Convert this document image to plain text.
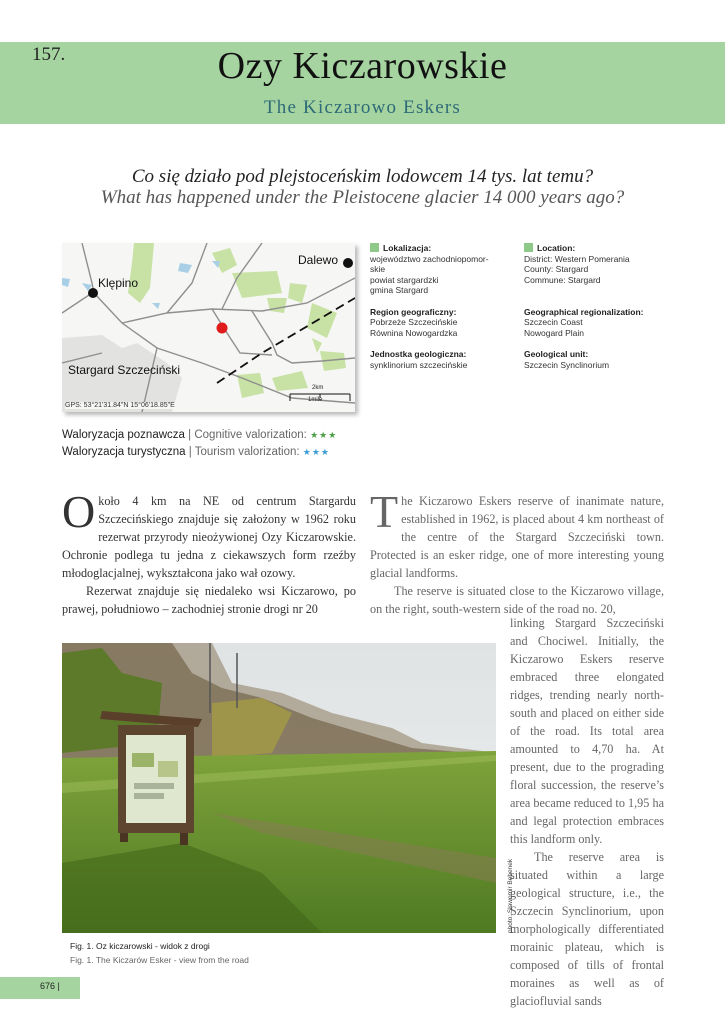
157.	Ozy Kiczarowskie
The Kiczarowo Eskers
Co się działo pod plejstoceńskim lodowcem 14 tys. lat temu?
What has happened under the Pleistocene glacier 14 000 years ago?
Dalewo
Klępino
Stargard Szczeciński
2km
1mile
GPS: 53°21'31.84"N 15°06'18.85"E
Lokalizacja:
województwo zachodniopomor-
skie
powiat stargardzki
gmina Stargard
Region geograficzny:
Pobrzeże Szczecińskie
Równina Nowogardzka
Jednostka geologiczna:
synklinorium szczecińskie
Location:
District: Western Pomerania
County: Stargard
Commune: Stargard
Geographical regionalization:
Szczecin Coast
Nowogard Plain
Geological unit:
Szczecin Synclinorium
Waloryzacja poznawcza | Cognitive valorization: ★★★
Waloryzacja turystyczna | Tourism valorization: ★★★
Około 4 km na NE od centrum Stargardu Szczecińskiego znajduje się założony w 1962 roku rezerwat przyrody nieożywionej Ozy Kiczarowskie. Ochronie podlega tu jedna z ciekawszych form rzeźby młodoglacjalnej, wykształcona jako wał ozowy.
Rezerwat znajduje się niedaleko wsi Kiczarowo, po prawej, południowo – zachodniej stronie drogi nr 20
The Kiczarowo Eskers reserve of inanimate nature, established in 1962, is placed about 4 km northeast of the centre of the Stargard Szczeciński town. Protected is an esker ridge, one of more interesting young glacial landforms.
The reserve is situated close to the Kiczarowo village, on the right, south-western side of the road no. 20,
linking Stargard Szczeciński and Chociwel. Initially, the Kiczarowo Eskers reserve embraced three elongated ridges, trending nearly north-south and placed on either side of the road. Its total area amounted to 4,70 ha. At present, due to the prograding floral succession, the reserve’s area became reduced to 1,95 ha and legal protection embraces this landform only.
The reserve area is situated within a large geological structure, i.e., the Szczecin Synclinorium, upon morphologically differentiated morainic plateau, which is composed of tills of frontal moraines as well as of glaciofluvial sands
photo: Sławomir Bębenek
Fig. 1. Oz kiczarowski - widok z drogi
Fig. 1. The Kiczarów Esker - view from the road
676 |
